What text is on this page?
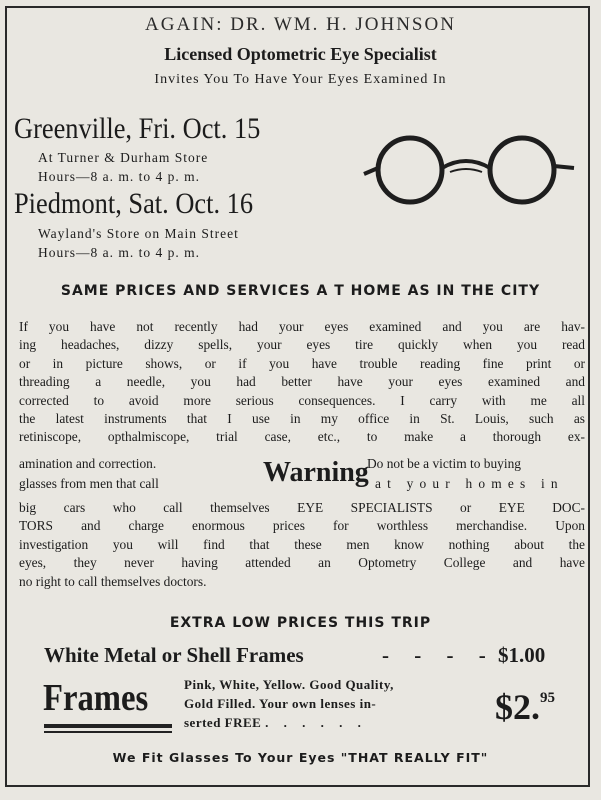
AGAIN: DR. WM. H. JOHNSON
Licensed Optometric Eye Specialist
Invites You To Have Your Eyes Examined In
Greenville, Fri. Oct. 15
At Turner & Durham Store
Hours—8 a. m. to 4 p. m.
Piedmont, Sat. Oct. 16
Wayland's Store on Main Street
Hours—8 a. m. to 4 p. m.
SAME PRICES AND SERVICES A T HOME AS IN THE CITY
If you have not recently had your eyes examined and you are hav-
ing headaches, dizzy spells, your eyes tire quickly when you read
or in picture shows, or if you have trouble reading fine print or
threading a needle, you had better have your eyes examined and
corrected to avoid more serious consequences. I carry with me all
the latest instruments that I use in my office in St. Louis, such as
retiniscope, opthalmiscope, trial case, etc., to make a thorough ex-
amination and correction.	Warning
Do not be a victim to buying
glasses from men that call	at your homes in
big cars who call themselves EYE SPECIALISTS or EYE DOC-
TORS and charge enormous prices for worthless merchandise. Upon
investigation you will find that these men know nothing about the
eyes, they never having attended an Optometry College and have
no right to call themselves doctors.
EXTRA LOW PRICES THIS TRIP
White Metal or Shell Frames	- - - - $1.00
Frames	Pink, White, Yellow. Good Quality,
Gold Filled. Your own lenses in-
serted FREE . . . . . .	$2.95
We Fit Glasses To Your Eyes "THAT REALLY FIT"
